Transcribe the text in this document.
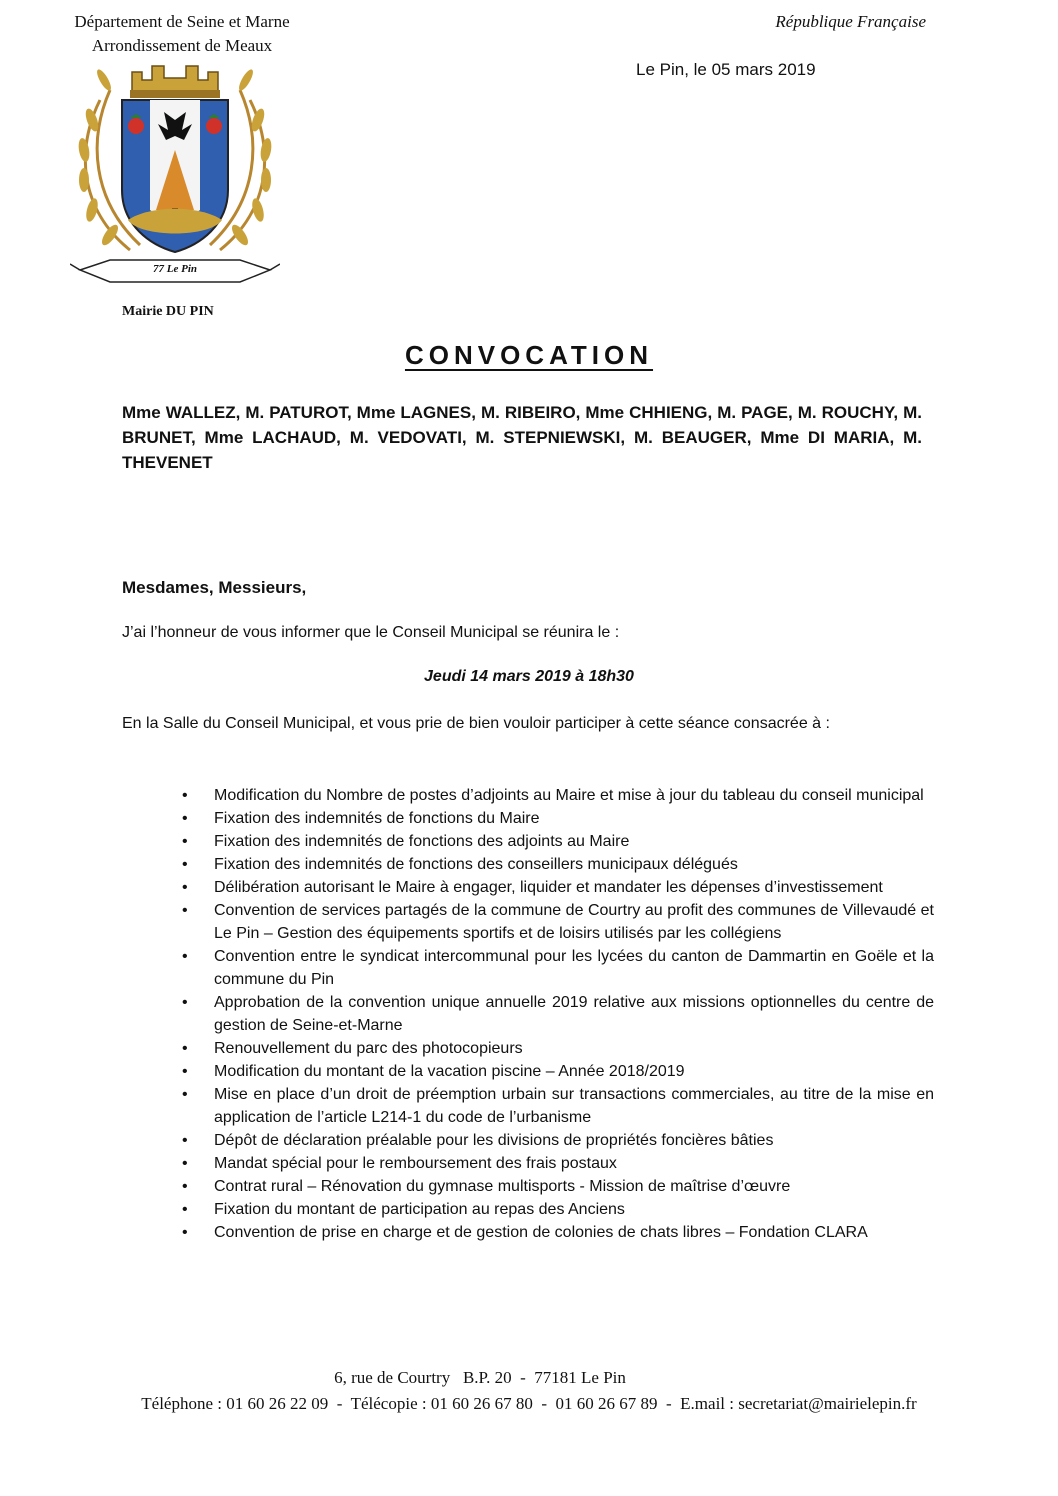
Département de Seine et Marne
Arrondissement de Meaux
République Française
Le Pin, le 05 mars 2019
77 Le Pin
Mairie DU PIN
CONVOCATION
Mme WALLEZ, M. PATUROT, Mme LAGNES, M. RIBEIRO, Mme CHHIENG, M. PAGE, M. ROUCHY, M. BRUNET, Mme LACHAUD, M. VEDOVATI, M. STEPNIEWSKI, M. BEAUGER, Mme DI MARIA, M. THEVENET
Mesdames, Messieurs,
J’ai l’honneur de vous informer que le Conseil Municipal se réunira le :
Jeudi 14 mars 2019 à 18h30
En la Salle du Conseil Municipal, et vous prie de bien vouloir participer à cette séance consacrée à :
• Modification du Nombre de postes d’adjoints au Maire et mise à jour du tableau du conseil municipal
• Fixation des indemnités de fonctions du Maire
• Fixation des indemnités de fonctions des adjoints au Maire
• Fixation des indemnités de fonctions des conseillers municipaux délégués
• Délibération autorisant le Maire à engager, liquider et mandater les dépenses d’investissement
• Convention de services partagés de la commune de Courtry au profit des communes de Villevaudé et Le Pin – Gestion des équipements sportifs et de loisirs utilisés par les collégiens
• Convention entre le syndicat intercommunal pour les lycées du canton de Dammartin en Goële et la commune du Pin
• Approbation de la convention unique annuelle 2019 relative aux missions optionnelles du centre de gestion de Seine-et-Marne
• Renouvellement du parc des photocopieurs
• Modification du montant de la vacation piscine – Année 2018/2019
• Mise en place d’un droit de préemption urbain sur transactions commerciales, au titre de la mise en application de l’article L214-1 du code de l’urbanisme
• Dépôt de déclaration préalable pour les divisions de propriétés foncières bâties
• Mandat spécial pour le remboursement des frais postaux
• Contrat rural – Rénovation du gymnase multisports - Mission de maîtrise d’œuvre
• Fixation du montant de participation au repas des Anciens
• Convention de prise en charge et de gestion de colonies de chats libres – Fondation CLARA
6, rue de Courtry   B.P. 20  -  77181 Le Pin
Téléphone : 01 60 26 22 09  -  Télécopie : 01 60 26 67 80  -  01 60 26 67 89  -  E.mail : secretariat@mairielepin.fr
